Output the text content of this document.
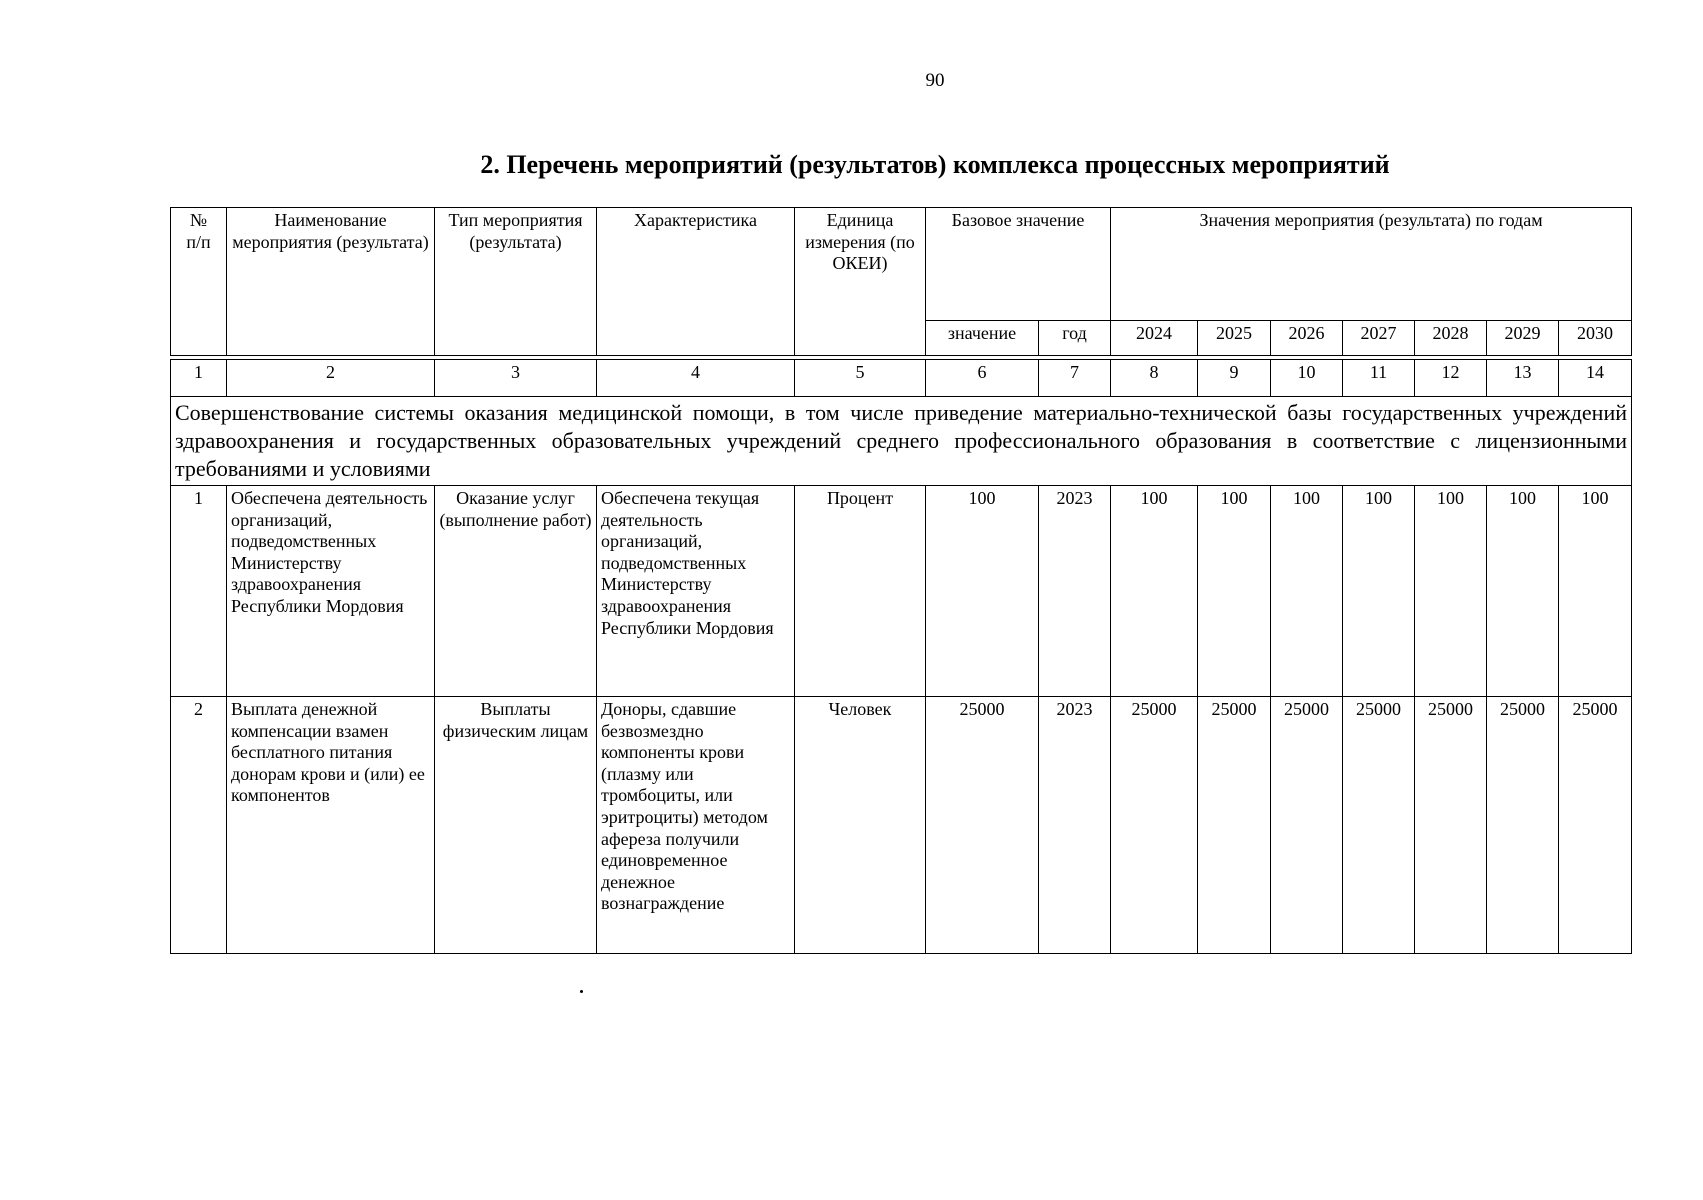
90
2. Перечень мероприятий (результатов) комплекса процессных мероприятий
№
п/п	Наименование мероприятия (результата)	Тип мероприятия (результата)	Характеристика	Единица измерения (по ОКЕИ)	Базовое значение		Значения мероприятия (результата) по годам						
					значение	год	2024	2025	2026	2027	2028	2029	2030
1	2	3	4	5	6	7	8	9	10	11	12	13	14
Совершенствование системы оказания медицинской помощи, в том числе приведение материально-технической базы государственных учреждений здравоохранения и государственных образовательных учреждений среднего профессионального образования в соответствие с лицензионными требованиями и условиями													
1	Обеспечена деятельность организаций, подведомственных Министерству здравоохранения Республики Мордовия	Оказание услуг (выполнение работ)	Обеспечена текущая деятельность организаций, подведомственных Министерству здравоохранения Республики Мордовия	Процент	100	2023	100	100	100	100	100	100	100
2	Выплата денежной компенсации взамен бесплатного питания донорам крови и (или) ее компонентов	Выплаты физическим лицам	Доноры, сдавшие безвозмездно компоненты крови (плазму или тромбоциты, или эритроциты) методом афереза получили единовременное денежное вознаграждение	Человек	25000	2023	25000	25000	25000	25000	25000	25000	25000
